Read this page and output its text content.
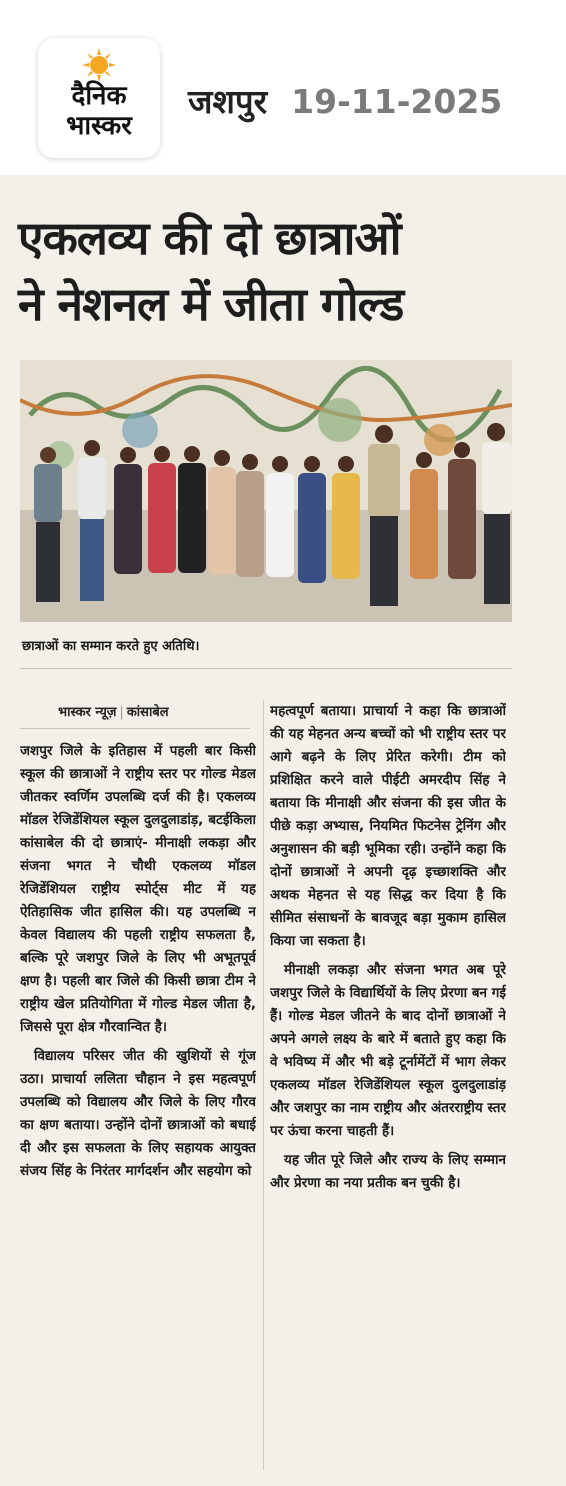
दैनिक
भास्कर
जशपुर 19-11-2025
एकलव्य की दो छात्राओं
ने नेशनल में जीता गोल्ड
छात्राओं का सम्मान करते हुए अतिथि।
भास्कर न्यूज़ | कांसाबेल

जशपुर जिले के इतिहास में पहली बार किसी स्कूल की छात्राओं ने राष्ट्रीय स्तर पर गोल्ड मेडल जीतकर स्वर्णिम उपलब्धि दर्ज की है। एकलव्य मॉडल रेजिडेंशियल स्कूल दुलदुलाडांड़, बटईकिला कांसाबेल की दो छात्राएं- मीनाक्षी लकड़ा और संजना भगत ने चौथी एकलव्य मॉडल रेजिडेंशियल राष्ट्रीय स्पोर्ट्स मीट में यह ऐतिहासिक जीत हासिल की। यह उपलब्धि न केवल विद्यालय की पहली राष्ट्रीय सफलता है, बल्कि पूरे जशपुर जिले के लिए भी अभूतपूर्व क्षण है। पहली बार जिले की किसी छात्रा टीम ने राष्ट्रीय खेल प्रतियोगिता में गोल्ड मेडल जीता है, जिससे पूरा क्षेत्र गौरवान्वित है।

विद्यालय परिसर जीत की खुशियों से गूंज उठा। प्राचार्या ललिता चौहान ने इस महत्वपूर्ण उपलब्धि को विद्यालय और जिले के लिए गौरव का क्षण बताया। उन्होंने दोनों छात्राओं को बधाई दी और इस सफलता के लिए सहायक आयुक्त संजय सिंह के निरंतर मार्गदर्शन और सहयोग को

महत्वपूर्ण बताया। प्राचार्या ने कहा कि छात्राओं की यह मेहनत अन्य बच्चों को भी राष्ट्रीय स्तर पर आगे बढ़ने के लिए प्रेरित करेगी। टीम को प्रशिक्षित करने वाले पीईटी अमरदीप सिंह ने बताया कि मीनाक्षी और संजना की इस जीत के पीछे कड़ा अभ्यास, नियमित फिटनेस ट्रेनिंग और अनुशासन की बड़ी भूमिका रही। उन्होंने कहा कि दोनों छात्राओं ने अपनी दृढ़ इच्छाशक्ति और अथक मेहनत से यह सिद्ध कर दिया है कि सीमित संसाधनों के बावजूद बड़ा मुकाम हासिल किया जा सकता है।

मीनाक्षी लकड़ा और संजना भगत अब पूरे जशपुर जिले के विद्यार्थियों के लिए प्रेरणा बन गई हैं। गोल्ड मेडल जीतने के बाद दोनों छात्राओं ने अपने अगले लक्ष्य के बारे में बताते हुए कहा कि वे भविष्य में और भी बड़े टूर्नामेंटों में भाग लेकर एकलव्य मॉडल रेजिडेंशियल स्कूल दुलदुलाडांड़ और जशपुर का नाम राष्ट्रीय और अंतरराष्ट्रीय स्तर पर ऊंचा करना चाहती हैं।

यह जीत पूरे जिले और राज्य के लिए सम्मान और प्रेरणा का नया प्रतीक बन चुकी है।
